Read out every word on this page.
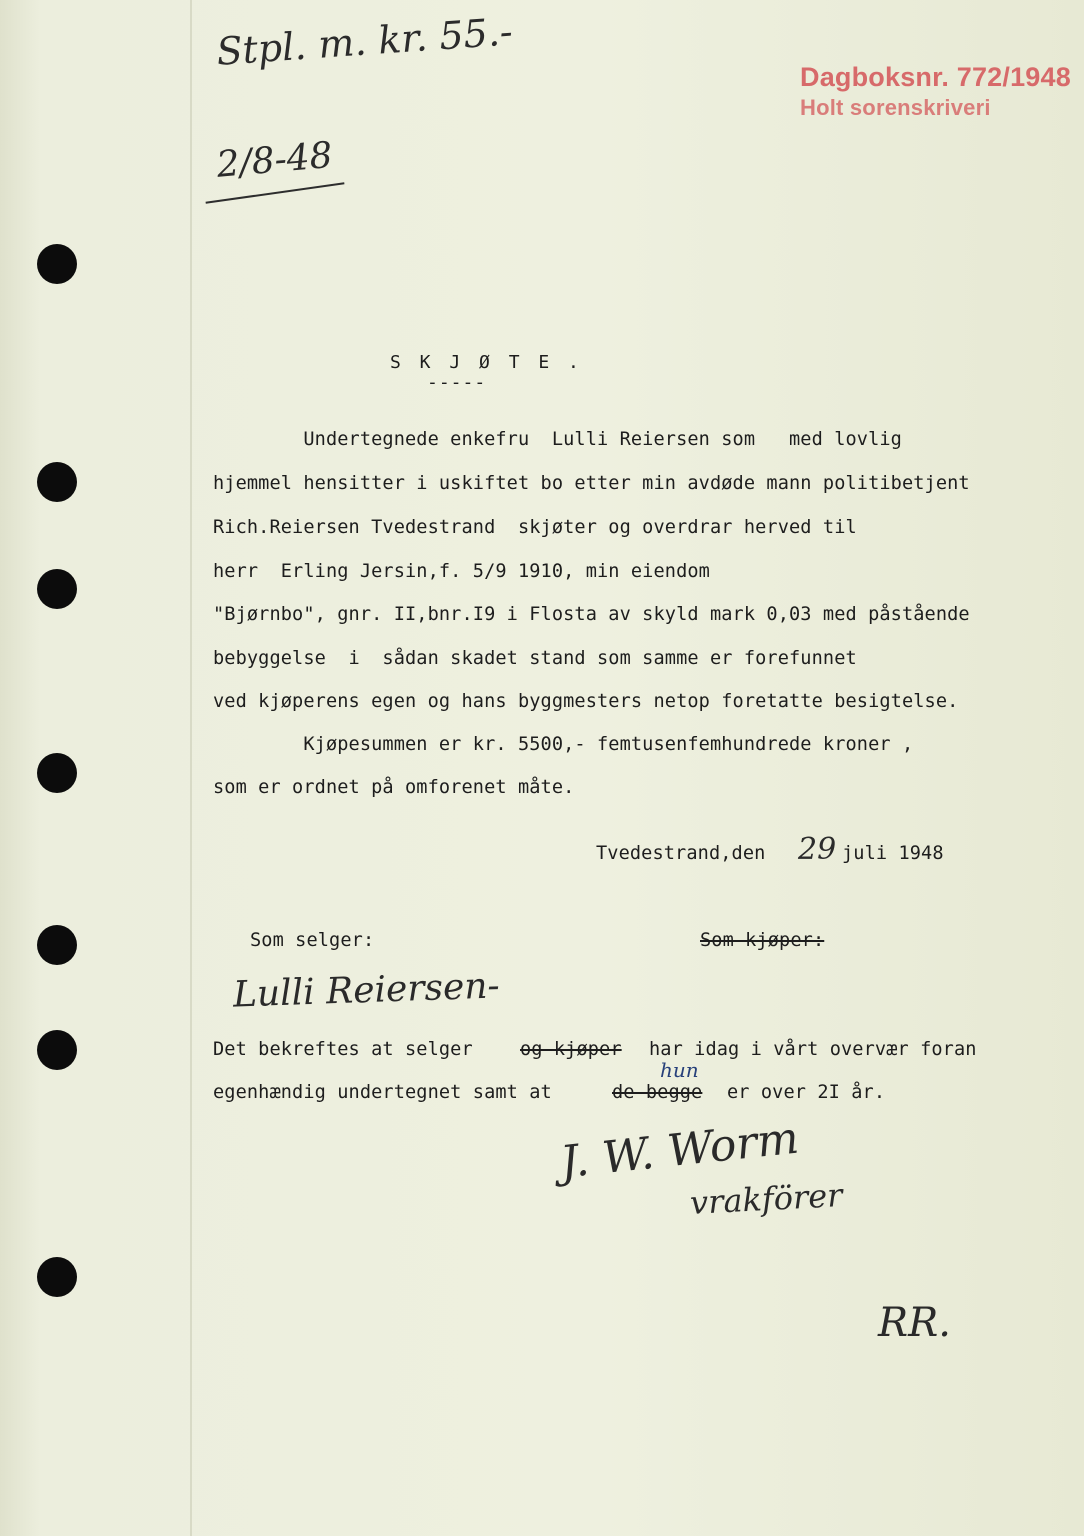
Stpl. m. kr. 55.-
2/8-48
Dagboksnr. 772/1948
Holt sorenskriveri
S K J Ø T E .
-----
Undertegnede enkefru  Lulli Reiersen som   med lovlig
hjemmel hensitter i uskiftet bo etter min avdøde mann politibetjent
Rich.Reiersen Tvedestrand  skjøter og overdrar herved til
herr  Erling Jersin,f. 5/9 1910, min eiendom
"Bjørnbo", gnr. II,bnr.I9 i Flosta av skyld mark 0,03 med påstående
bebyggelse  i  sådan skadet stand som samme er forefunnet
ved kjøperens egen og hans byggmesters netop foretatte besigtelse.
Kjøpesummen er kr. 5500,- femtusenfemhundrede kroner ,
som er ordnet på omforenet måte.
Tvedestrand,den 29 juli 1948
Som selger:	Som kjøper:
Lulli Reiersen-
Det bekreftes at selger	og kjøper har idag i vårt overvær foran
egenhændig undertegnet samt at	de begge
hun
er over 2I år.
J. W. Worm
vrakförer
RR.
